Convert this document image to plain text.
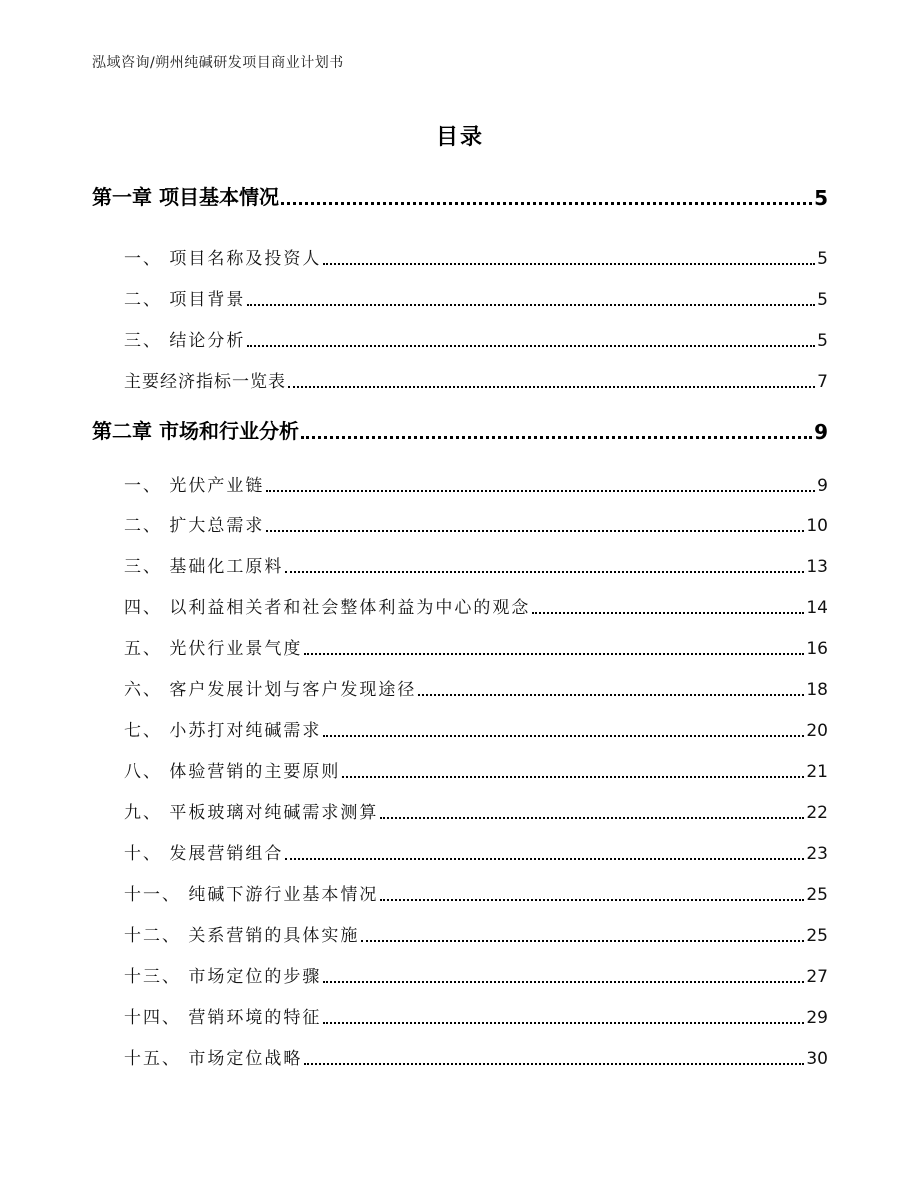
泓域咨询/朔州纯碱研发项目商业计划书
目录
第一章 项目基本情况	5
一、 项目名称及投资人	5
二、 项目背景	5
三、 结论分析	5
主要经济指标一览表	7
第二章 市场和行业分析	9
一、 光伏产业链	9
二、 扩大总需求	10
三、 基础化工原料	13
四、 以利益相关者和社会整体利益为中心的观念	14
五、 光伏行业景气度	16
六、 客户发展计划与客户发现途径	18
七、 小苏打对纯碱需求	20
八、 体验营销的主要原则	21
九、 平板玻璃对纯碱需求测算	22
十、 发展营销组合	23
十一、 纯碱下游行业基本情况	25
十二、 关系营销的具体实施	25
十三、 市场定位的步骤	27
十四、 营销环境的特征	29
十五、 市场定位战略	30
